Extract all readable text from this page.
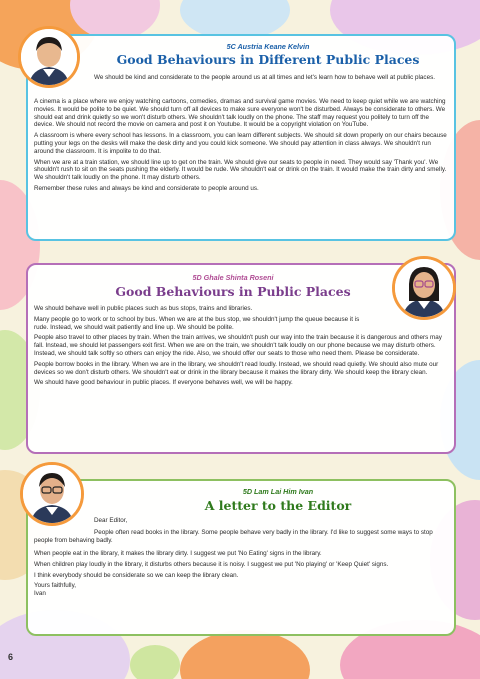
5C Austria Keane Kelvin

Good Behaviours in Different Public Places

We should be kind and considerate to the people around us at all times and let's learn how to behave well at public places.

A cinema is a place where we enjoy watching cartoons, comedies, dramas and survival game movies. We need to keep quiet while we are watching movies. It would be polite to be quiet. We should turn off all devices to make sure everyone won't be disturbed. Always be considerate to others. We should eat and drink quietly so we won't disturb others. We shouldn't talk loudly on the phone. The staff may request you politely to turn off the device. We should not record the movie on camera and post it on Youtube. It would be a copyright violation on YouTube.

A classroom is where every school has lessons. In a classroom, you can learn different subjects. We should sit down properly on our chairs because putting your legs on the desks will make the desk dirty and you could kick someone. We should pay attention in class always. We shouldn't run around the classroom. It is impolite to do that.

When we are at a train station, we should line up to get on the train. We should give our seats to people in need. They would say 'Thank you'. We shouldn't rush to sit on the seats pushing the elderly. It would be rude. We shouldn't eat or drink on the train. It would make the train dirty and smelly. We shouldn't talk loudly on the phone. It may disturb others.

Remember these rules and always be kind and considerate to people around us.

5D Ghale Shinta Roseni

Good Behaviours in Public Places

We should behave well in public places such as bus stops, trains and libraries.

Many people go to work or to school by bus. When we are at the bus stop, we shouldn't jump the queue because it is rude. Instead, we should wait patiently and line up. We should be polite.

People also travel to other places by train. When the train arrives, we shouldn't push our way into the train because it is dangerous and others may fall. Instead, we should let passengers exit first. When we are on the train, we shouldn't talk loudly on our phone because we may disturb others. Instead, we should talk softly so others can enjoy the ride. Also, we should offer our seats to those who need them. Please be considerate.

People borrow books in the library. When we are in the library, we shouldn't read loudly. Instead, we should read quietly. We should also mute our devices so we don't disturb others. We shouldn't eat or drink in the library because it makes the library dirty. We should keep the library clean.

We should have good behaviour in public places. If everyone behaves well, we will be happy.

5D Lam Lai Him Ivan

A letter to the Editor

Dear Editor,

People often read books in the library. Some people behave very badly in the library. I'd like to suggest some ways to stop people from behaving badly.

When people eat in the library, it makes the library dirty. I suggest we put 'No Eating' signs in the library.

When children play loudly in the library, it disturbs others because it is noisy. I suggest we put 'No playing' or 'Keep Quiet' signs.

I think everybody should be considerate so we can keep the library clean.

Yours faithfully,

Ivan

6
